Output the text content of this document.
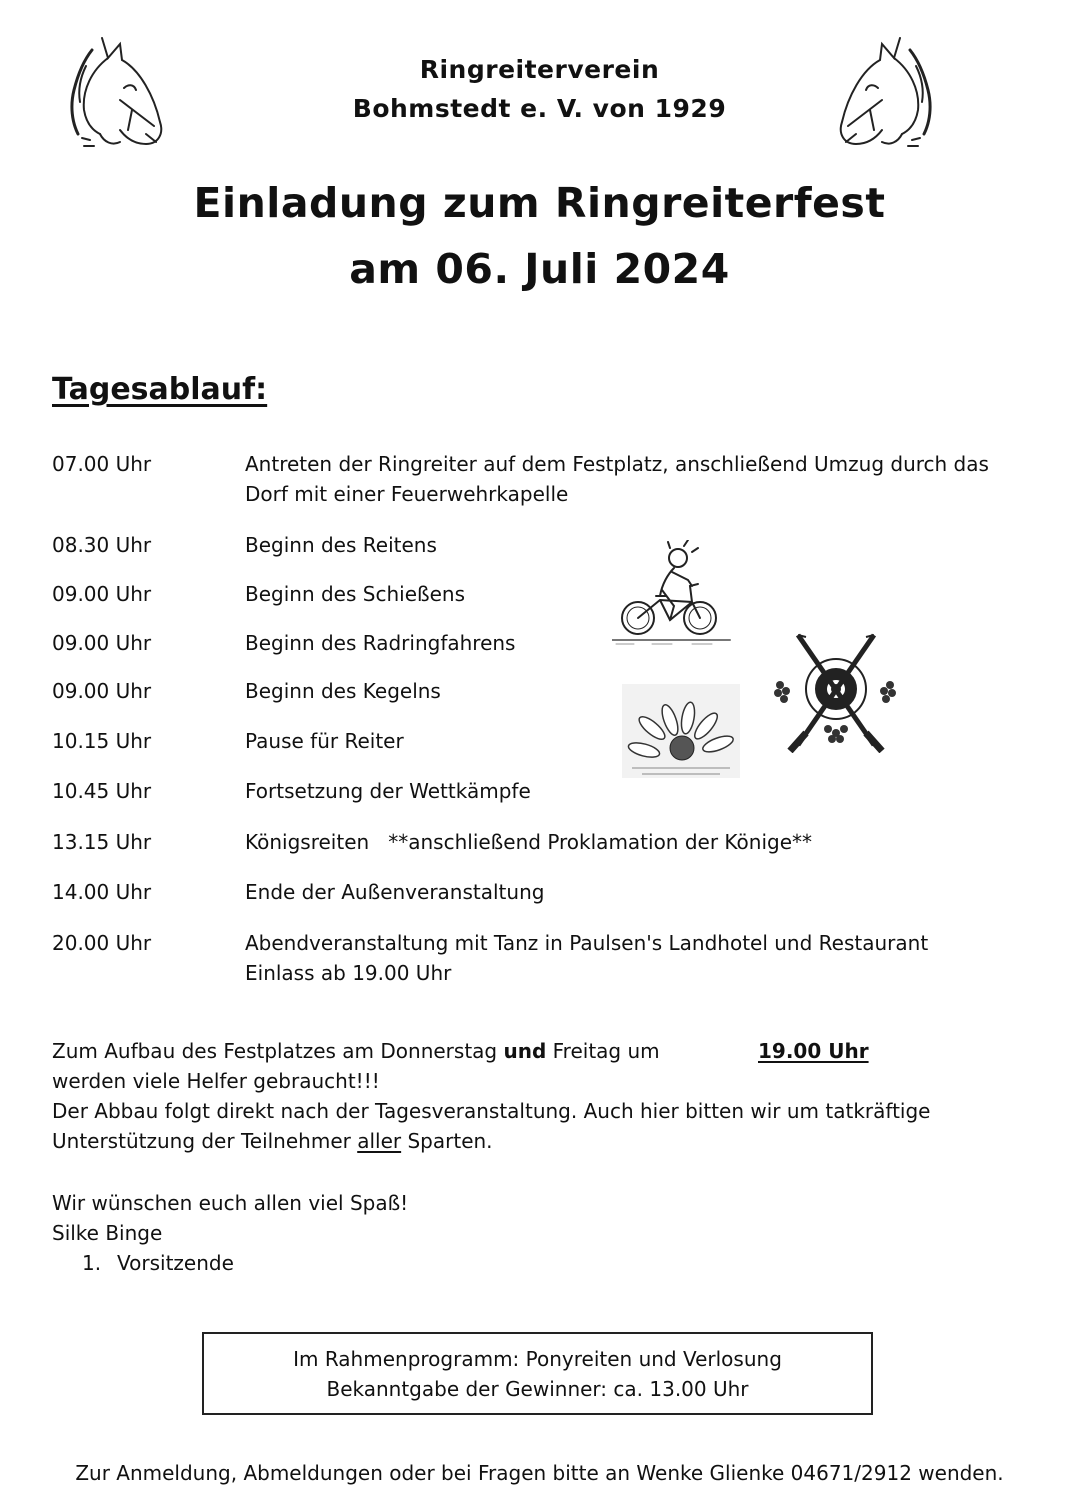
Ringreiterverein
Bohmstedt e. V. von 1929
Einladung zum Ringreiterfest
am 06. Juli 2024
Tagesablauf:
07.00 Uhr	Antreten der Ringreiter auf dem Festplatz, anschließend Umzug durch das
Dorf mit einer Feuerwehrkapelle
08.30 Uhr	Beginn des Reitens
09.00 Uhr	Beginn des Schießens
09.00 Uhr	Beginn des Radringfahrens
09.00 Uhr	Beginn des Kegelns
10.15 Uhr	Pause für Reiter
10.45 Uhr	Fortsetzung der Wettkämpfe
13.15 Uhr	Königsreiten   **anschließend Proklamation der Könige**
14.00 Uhr	Ende der Außenveranstaltung
20.00 Uhr	Abendveranstaltung mit Tanz in Paulsen's Landhotel und Restaurant
Einlass ab 19.00 Uhr
Zum Aufbau des Festplatzes am Donnerstag und Freitag um	19.00 Uhr
werden viele Helfer gebraucht!!!
Der Abbau folgt direkt nach der Tagesveranstaltung. Auch hier bitten wir um tatkräftige
Unterstützung der Teilnehmer aller Sparten.
Wir wünschen euch allen viel Spaß!
Silke Binge
1. Vorsitzende
Im Rahmenprogramm: Ponyreiten und Verlosung
Bekanntgabe der Gewinner: ca. 13.00 Uhr
Zur Anmeldung, Abmeldungen oder bei Fragen bitte an Wenke Glienke 04671/2912 wenden.
